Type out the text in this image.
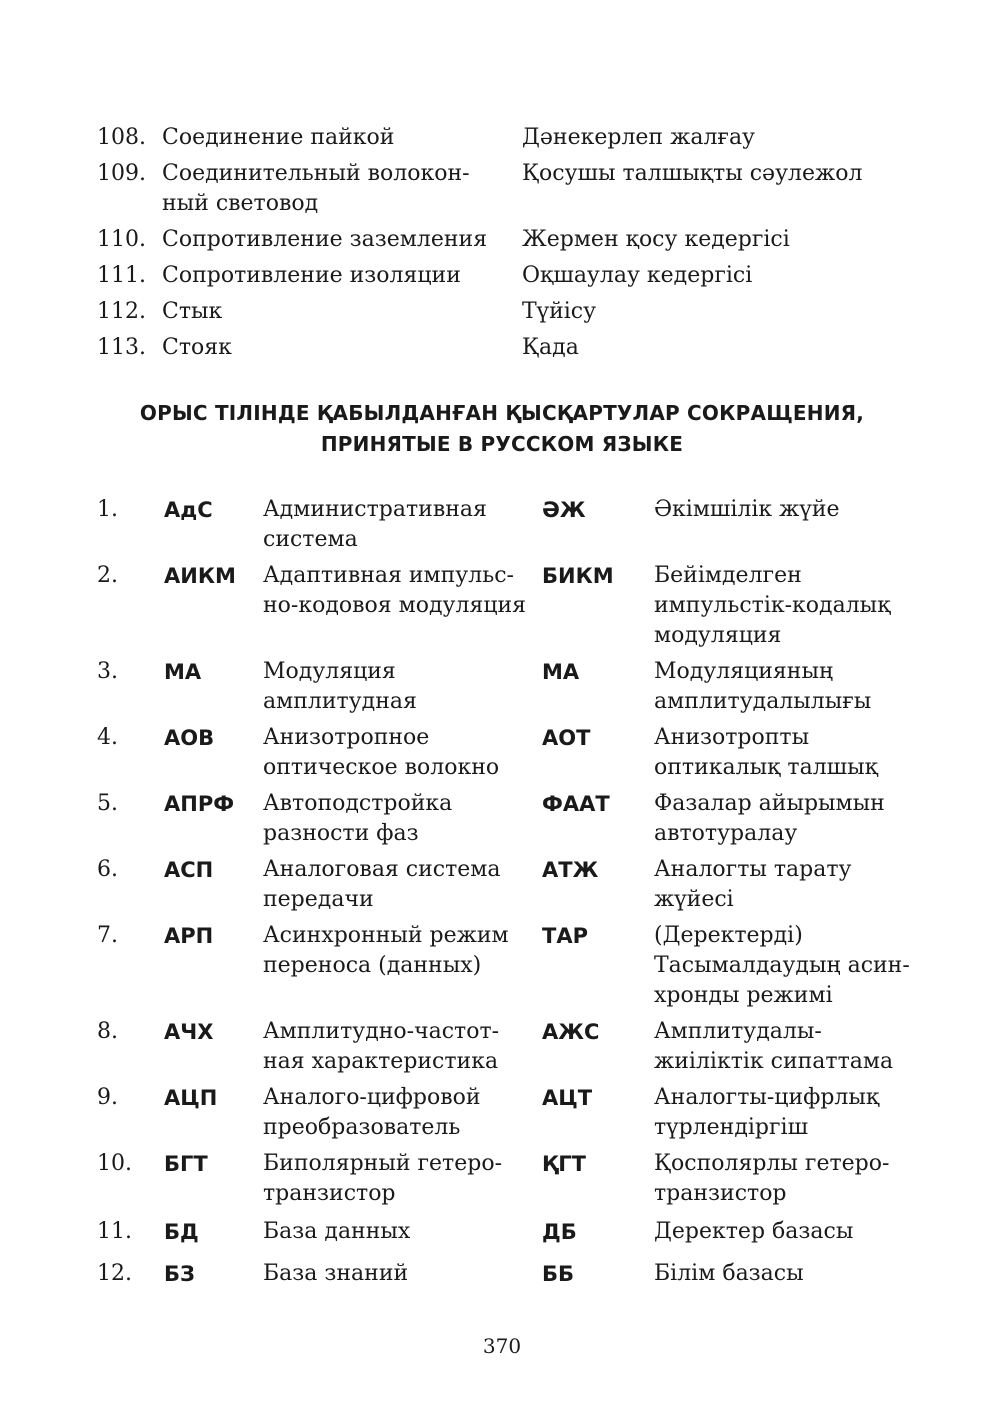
108. Соединение пайкой	Дәнекерлеп жалғау
109. Соединительный волокон-
ный световод
Қосушы талшықты сәулежол
110. Сопротивление заземления	Жермен қосу кедергісі
111. Сопротивление изоляции	Оқшаулау кедергісі
112. Стык	Түйісу
113. Стояк	Қада
ОРЫС ТІЛІНДЕ ҚАБЫЛДАНҒАН ҚЫСҚАРТУЛАР СОКРАЩЕНИЯ,
ПРИНЯТЫЕ В РУССКОМ ЯЗЫКЕ
1.	АдС	Административная
система
ӘЖ	Әкімшілік жүйе
2.	АИКМ	Адаптивная импульс-
но-кодовоя модуляция
БИКМ	Бейімделген
импульстік-кодалық
модуляция
3.	МА	Модуляция
амплитудная
МА	Модуляцияның
амплитудалылығы
4.	АОВ	Анизотропное
оптическое волокно
АОТ	Анизотропты
оптикалық талшық
5.	АПРФ	Автоподстройка
разности фаз
ФААТ	Фазалар айырымын
автотуралау
6.	АСП	Аналоговая система
передачи
АТЖ	Аналогты тарату
жүйесі
7.	АРП	Асинхронный режим
переноса (данных)
ТАР	(Деректерді)
Тасымалдаудың асин-
хронды режимі
8.	АЧХ	Амплитудно-частот-
ная характеристика
АЖС	Амплитудалы-
жиіліктік сипаттама
9.	АЦП	Аналого-цифровой
преобразователь
АЦТ	Аналогты-цифрлық
түрлендіргіш
10.	БГТ	Биполярный гетеро-
транзистор
ҚГТ	Қосполярлы гетеро-
транзистор
11.	БД	База данных	ДБ	Деректер базасы
12.	БЗ	База знаний	ББ	Білім базасы
370
